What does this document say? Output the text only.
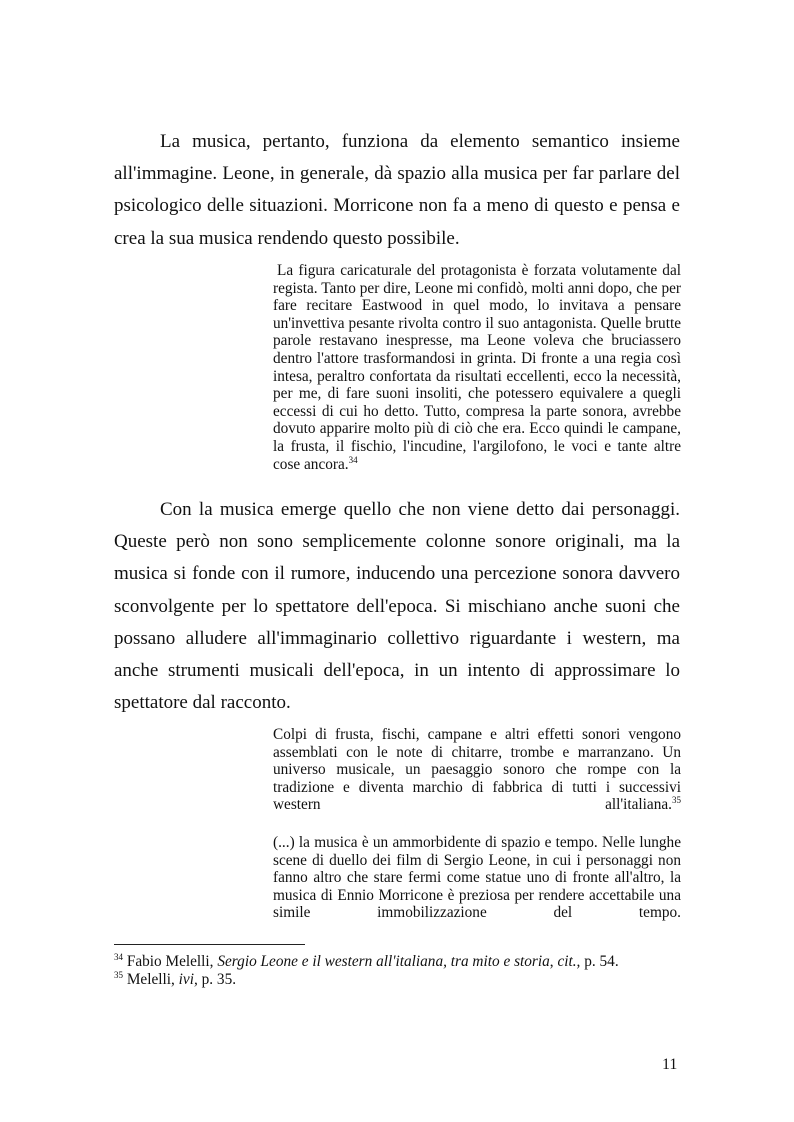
La musica, pertanto, funziona da elemento semantico insieme all'immagine. Leone, in generale, dà spazio alla musica per far parlare del psicologico delle situazioni. Morricone non fa a meno di questo e pensa e crea la sua musica rendendo questo possibile.

La figura caricaturale del protagonista è forzata volutamente dal regista. Tanto per dire, Leone mi confidò, molti anni dopo, che per fare recitare Eastwood in quel modo, lo invitava a pensare un'invettiva pesante rivolta contro il suo antagonista. Quelle brutte parole restavano inespresse, ma Leone voleva che bruciassero dentro l'attore trasformandosi in grinta. Di fronte a una regia così intesa, peraltro confortata da risultati eccellenti, ecco la necessità, per me, di fare suoni insoliti, che potessero equivalere a quegli eccessi di cui ho detto. Tutto, compresa la parte sonora, avrebbe dovuto apparire molto più di ciò che era. Ecco quindi le campane, la frusta, il fischio, l'incudine, l'argilofono, le voci e tante altre cose ancora.$^{34}$

Con la musica emerge quello che non viene detto dai personaggi. Queste però non sono semplicemente colonne sonore originali, ma la musica si fonde con il rumore, inducendo una percezione sonora davvero sconvolgente per lo spettatore dell'epoca. Si mischiano anche suoni che possano alludere all'immaginario collettivo riguardante i western, ma anche strumenti musicali dell'epoca, in un intento di approssimare lo spettatore dal racconto.

Colpi di frusta, fischi, campane e altri effetti sonori vengono assemblati con le note di chitarre, trombe e marranzano. Un universo musicale, un paesaggio sonoro che rompe con la tradizione e diventa marchio di fabbrica di tutti i successivi western all'italiana.$^{35}$

(...) la musica è un ammorbidente di spazio e tempo. Nelle lunghe scene di duello dei film di Sergio Leone, in cui i personaggi non fanno altro che stare fermi come statue uno di fronte all'altro, la musica di Ennio Morricone è preziosa per rendere accettabile una simile immobilizzazione del tempo.

$^{34}$ Fabio Melelli, Sergio Leone e il western all'italiana, tra mito e storia, cit., p. 54.

$^{35}$ Melelli, ivi, p. 35.

11
